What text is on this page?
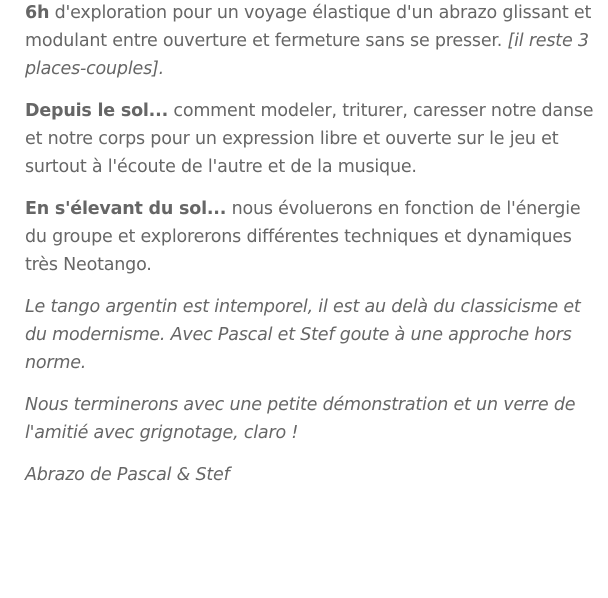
6h d'exploration pour un voyage élastique d'un abrazo glissant et modulant entre ouverture et fermeture sans se presser. [il reste 3 places-couples].

Depuis le sol... comment modeler, triturer, caresser notre danse et notre corps pour un expression libre et ouverte sur le jeu et surtout à l'écoute de l'autre et de la musique.

En s'élevant du sol... nous évoluerons en fonction de l'énergie du groupe et explorerons différentes techniques et dynamiques très Neotango.

Le tango argentin est intemporel, il est au delà du classicisme et du modernisme. Avec Pascal et Stef goute à une approche hors norme.

Nous terminerons avec une petite démonstration et un verre de l'amitié avec grignotage, claro !

Abrazo de Pascal & Stef
